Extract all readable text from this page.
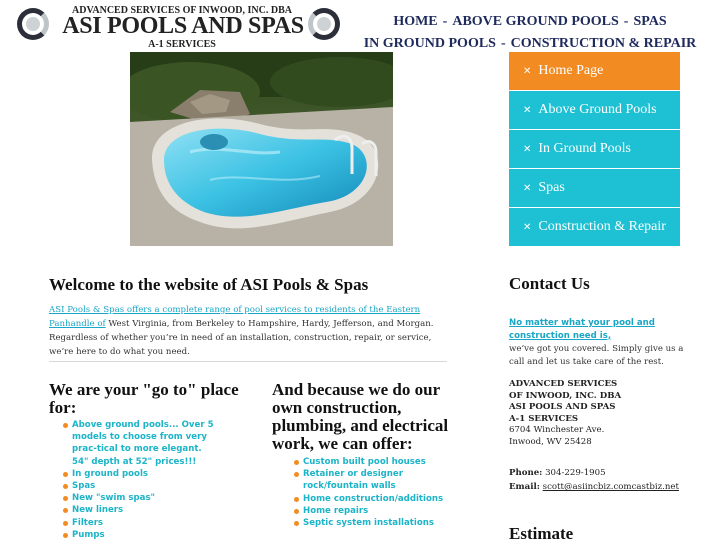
ADVANCED SERVICES OF INWOOD, INC. DBA
ASI POOLS AND SPAS
A-1 SERVICES
HOME - ABOVE GROUND POOLS - SPAS
IN GROUND POOLS - CONSTRUCTION & REPAIR
✕ Home Page
✕ Above Ground Pools
✕ In Ground Pools
✕ Spas
✕ Construction & Repair
Welcome to the website of ASI Pools & Spas

ASI Pools & Spas offers a complete range of pool services to residents of the Eastern Panhandle of West Virginia, from Berkeley to Hampshire, Hardy, Jefferson, and Morgan. Regardless of whether you’re in need of an installation, construction, repair, or service, we’re here to do what you need.

We are your "go to" place for:
Above ground pools... Over 5 models to choose from very prac-tical to more elegant. 54" depth at 52" prices!!!
In ground pools
Spas
New "swim spas"
New liners
Filters
Pumps
And because we do our own construction, plumbing, and electrical work, we can offer:
Custom built pool houses
Retainer or designer rock/fountain walls
Home construction/additions
Home repairs
Septic system installations
Contact Us
No matter what your pool and construction need is,

we’ve got you covered. Simply give us a call and let us take care of the rest.

ADVANCED SERVICES
OF INWOOD, INC. DBA
ASI POOLS AND SPAS
A-1 SERVICES
6704 Winchester Ave.
Inwood, WV 25428
Phone: 304-229-1905
Email: scott@asiincbiz.comcastbiz.net
Estimate
